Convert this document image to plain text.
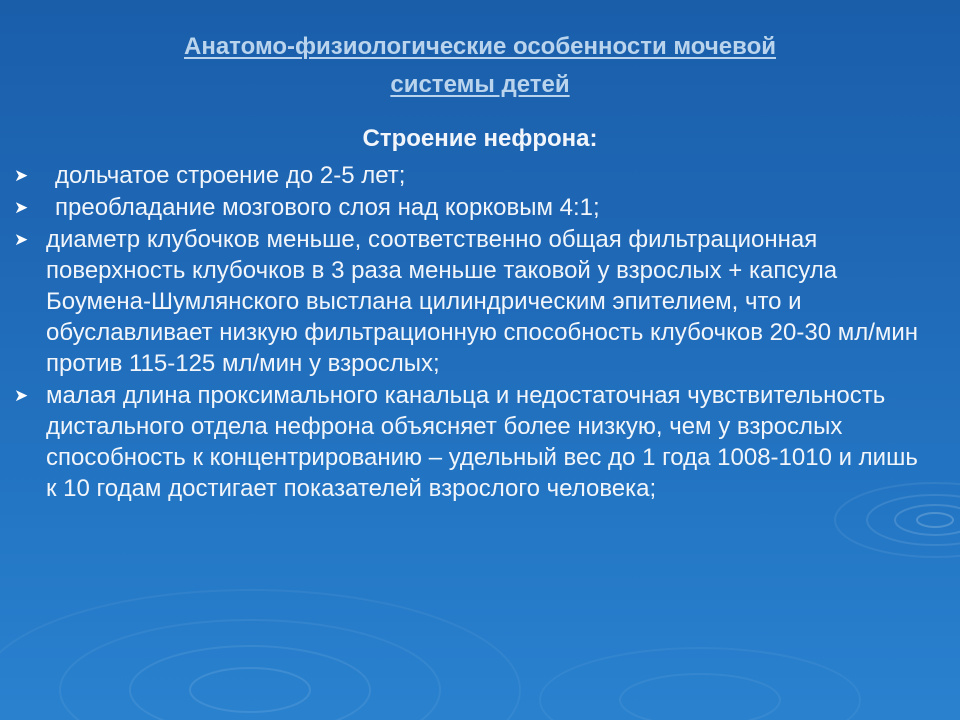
Анатомо-физиологические особенности мочевой
системы детей
Строение нефрона:
➤	дольчатое строение до 2-5 лет;
➤	преобладание мозгового слоя над корковым 4:1;
➤ диаметр клубочков меньше, соответственно общая фильтрационная поверхность клубочков в 3 раза меньше таковой у взрослых + капсула Боумена-Шумлянского выстлана цилиндрическим эпителием, что и обуславливает низкую фильтрационную способность клубочков 20-30 мл/мин против 115-125 мл/мин у взрослых;
➤ малая длина проксимального канальца и недостаточная чувствительность дистального отдела нефрона объясняет более низкую, чем у взрослых способность к концентрированию – удельный вес до 1 года 1008-1010 и лишь к 10 годам достигает показателей взрослого человека;
